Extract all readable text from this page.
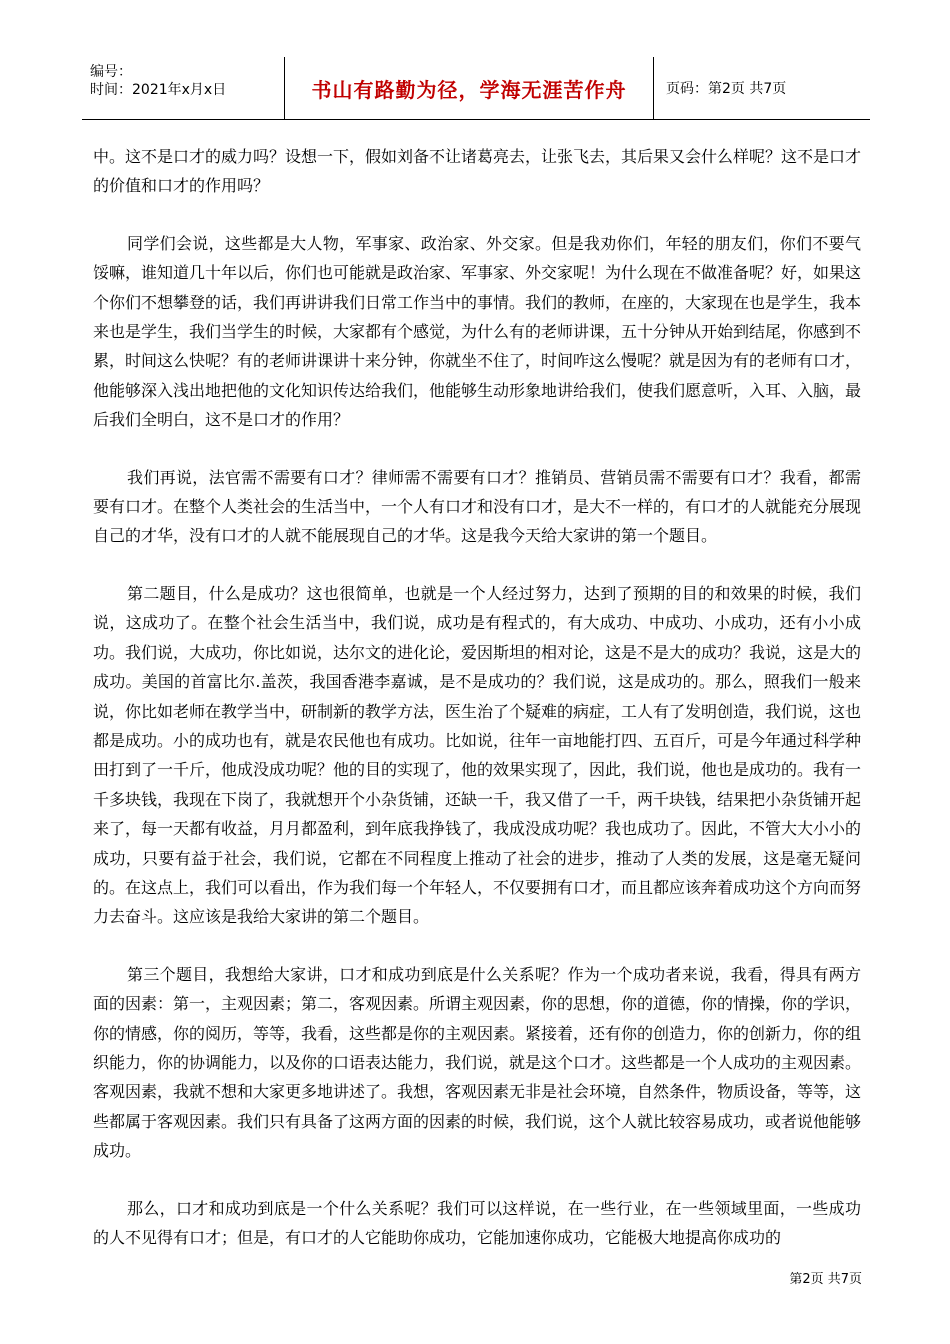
编号：
时间：2021年x月x日	书山有路勤为径，学海无涯苦作舟	页码：第2页 共7页

中。这不是口才的威力吗？设想一下，假如刘备不让诸葛亮去，让张飞去，其后果又会什么样呢？这不是口才的价值和口才的作用吗？

同学们会说，这些都是大人物，军事家、政治家、外交家。但是我劝你们，年轻的朋友们，你们不要气馁嘛，谁知道几十年以后，你们也可能就是政治家、军事家、外交家呢！为什么现在不做准备呢？好，如果这个你们不想攀登的话，我们再讲讲我们日常工作当中的事情。我们的教师，在座的，大家现在也是学生，我本来也是学生，我们当学生的时候，大家都有个感觉，为什么有的老师讲课，五十分钟从开始到结尾，你感到不累，时间这么快呢？有的老师讲课讲十来分钟，你就坐不住了，时间咋这么慢呢？就是因为有的老师有口才，他能够深入浅出地把他的文化知识传达给我们，他能够生动形象地讲给我们，使我们愿意听，入耳、入脑，最后我们全明白，这不是口才的作用？

我们再说，法官需不需要有口才？律师需不需要有口才？推销员、营销员需不需要有口才？我看，都需要有口才。在整个人类社会的生活当中，一个人有口才和没有口才，是大不一样的，有口才的人就能充分展现自己的才华，没有口才的人就不能展现自己的才华。这是我今天给大家讲的第一个题目。

第二题目，什么是成功？这也很简单，也就是一个人经过努力，达到了预期的目的和效果的时候，我们说，这成功了。在整个社会生活当中，我们说，成功是有程式的，有大成功、中成功、小成功，还有小小成功。我们说，大成功，你比如说，达尔文的进化论，爱因斯坦的相对论，这是不是大的成功？我说，这是大的成功。美国的首富比尔.盖茨，我国香港李嘉诚，是不是成功的？我们说，这是成功的。那么，照我们一般来说，你比如老师在教学当中，研制新的教学方法，医生治了个疑难的病症，工人有了发明创造，我们说，这也都是成功。小的成功也有，就是农民他也有成功。比如说，往年一亩地能打四、五百斤，可是今年通过科学种田打到了一千斤，他成没成功呢？他的目的实现了，他的效果实现了，因此，我们说，他也是成功的。我有一千多块钱，我现在下岗了，我就想开个小杂货铺，还缺一千，我又借了一千，两千块钱，结果把小杂货铺开起来了，每一天都有收益，月月都盈利，到年底我挣钱了，我成没成功呢？我也成功了。因此，不管大大小小的成功，只要有益于社会，我们说，它都在不同程度上推动了社会的进步，推动了人类的发展，这是毫无疑问的。在这点上，我们可以看出，作为我们每一个年轻人，不仅要拥有口才，而且都应该奔着成功这个方向而努力去奋斗。这应该是我给大家讲的第二个题目。

第三个题目，我想给大家讲，口才和成功到底是什么关系呢？作为一个成功者来说，我看，得具有两方面的因素：第一，主观因素；第二，客观因素。所谓主观因素，你的思想，你的道德，你的情操，你的学识，你的情感，你的阅历，等等，我看，这些都是你的主观因素。紧接着，还有你的创造力，你的创新力，你的组织能力，你的协调能力，以及你的口语表达能力，我们说，就是这个口才。这些都是一个人成功的主观因素。客观因素，我就不想和大家更多地讲述了。我想，客观因素无非是社会环境，自然条件，物质设备，等等，这些都属于客观因素。我们只有具备了这两方面的因素的时候，我们说，这个人就比较容易成功，或者说他能够成功。

那么，口才和成功到底是一个什么关系呢？我们可以这样说，在一些行业，在一些领域里面，一些成功的人不见得有口才；但是，有口才的人它能助你成功，它能加速你成功，它能极大地提高你成功的

第2页 共7页
